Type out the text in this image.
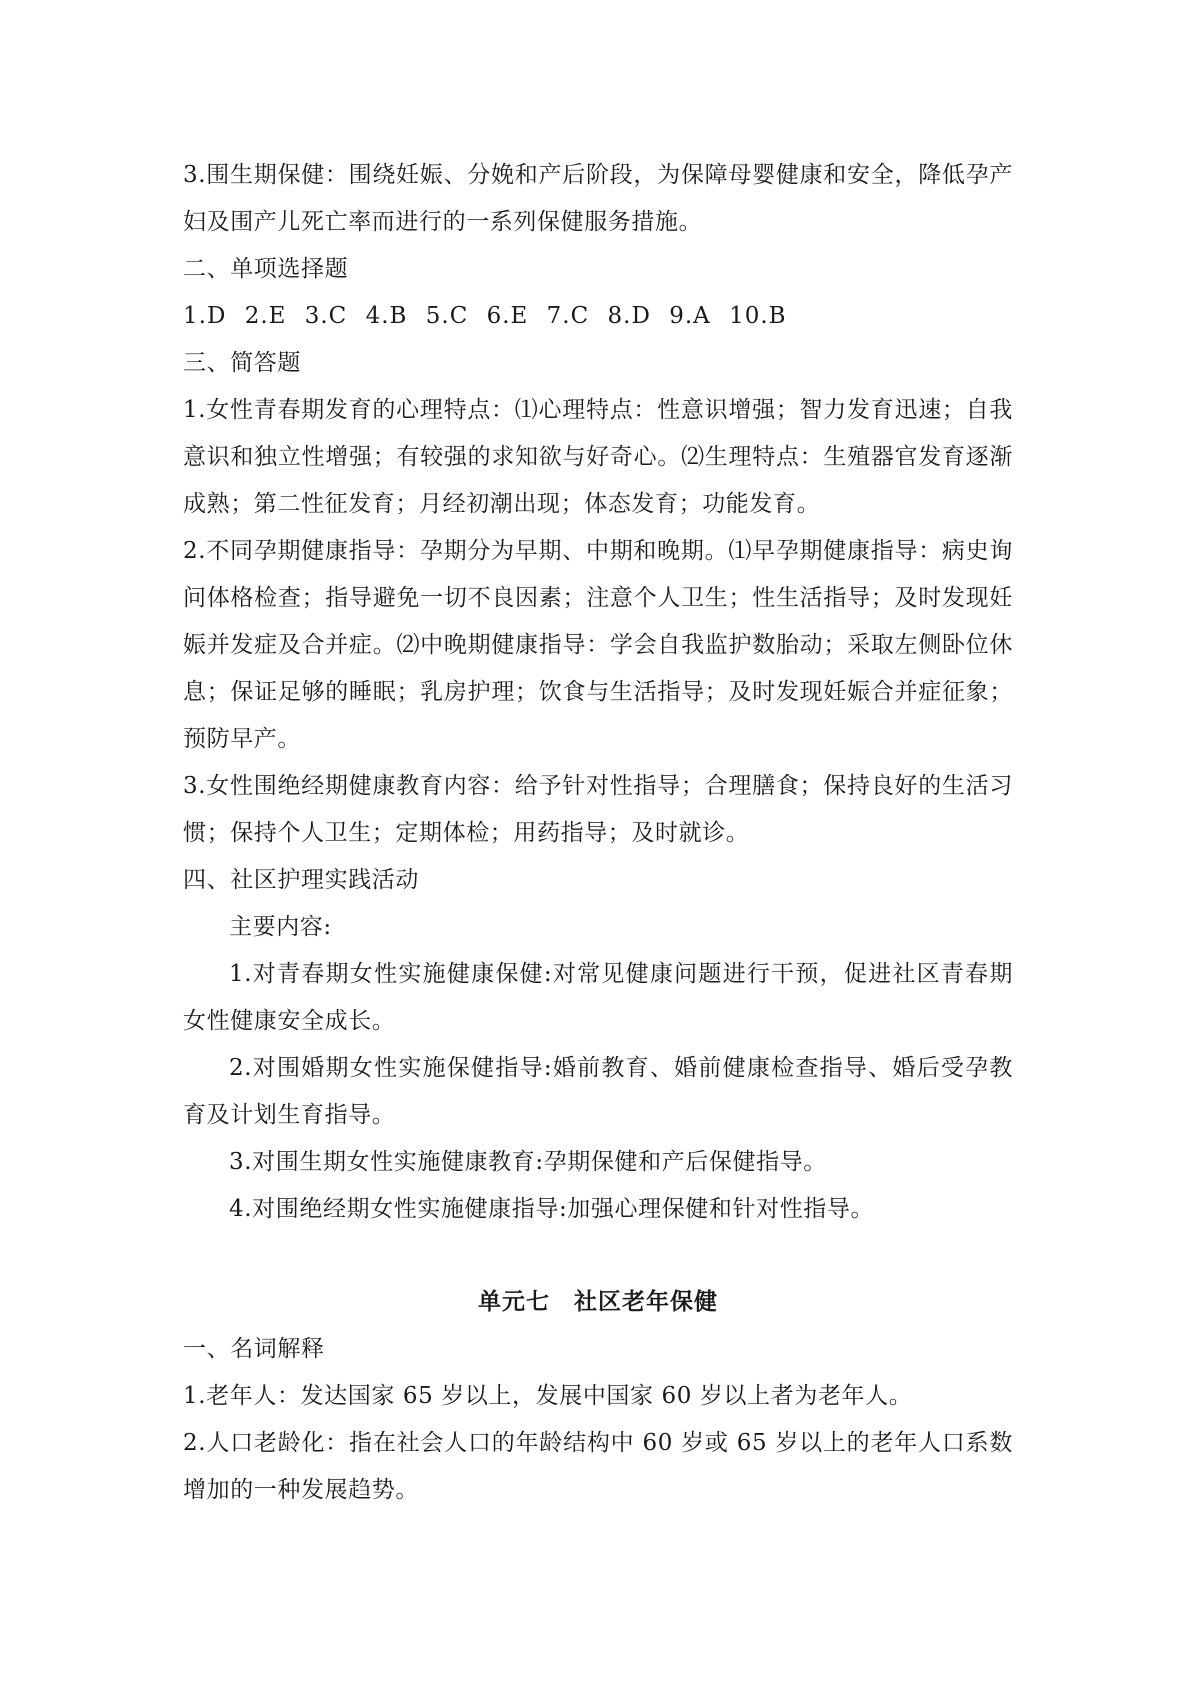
3.围生期保健：围绕妊娠、分娩和产后阶段，为保障母婴健康和安全，降低孕产妇及围产儿死亡率而进行的一系列保健服务措施。

二、单项选择题

1.D 2.E 3.C 4.B 5.C 6.E 7.C 8.D 9.A 10.B

三、简答题

1.女性青春期发育的心理特点：⑴心理特点：性意识增强；智力发育迅速；自我意识和独立性增强；有较强的求知欲与好奇心。⑵生理特点：生殖器官发育逐渐成熟；第二性征发育；月经初潮出现；体态发育；功能发育。

2.不同孕期健康指导：孕期分为早期、中期和晚期。⑴早孕期健康指导：病史询问体格检查；指导避免一切不良因素；注意个人卫生；性生活指导；及时发现妊娠并发症及合并症。⑵中晚期健康指导：学会自我监护数胎动；采取左侧卧位休息；保证足够的睡眠；乳房护理；饮食与生活指导；及时发现妊娠合并症征象；预防早产。

3.女性围绝经期健康教育内容：给予针对性指导；合理膳食；保持良好的生活习惯；保持个人卫生；定期体检；用药指导；及时就诊。

四、社区护理实践活动

主要内容:

1.对青春期女性实施健康保健:对常见健康问题进行干预，促进社区青春期女性健康安全成长。

2.对围婚期女性实施保健指导:婚前教育、婚前健康检查指导、婚后受孕教育及计划生育指导。

3.对围生期女性实施健康教育:孕期保健和产后保健指导。

4.对围绝经期女性实施健康指导:加强心理保健和针对性指导。

单元七　社区老年保健

一、名词解释

1.老年人：发达国家 65 岁以上，发展中国家 60 岁以上者为老年人。

2.人口老龄化：指在社会人口的年龄结构中 60 岁或 65 岁以上的老年人口系数增加的一种发展趋势。
